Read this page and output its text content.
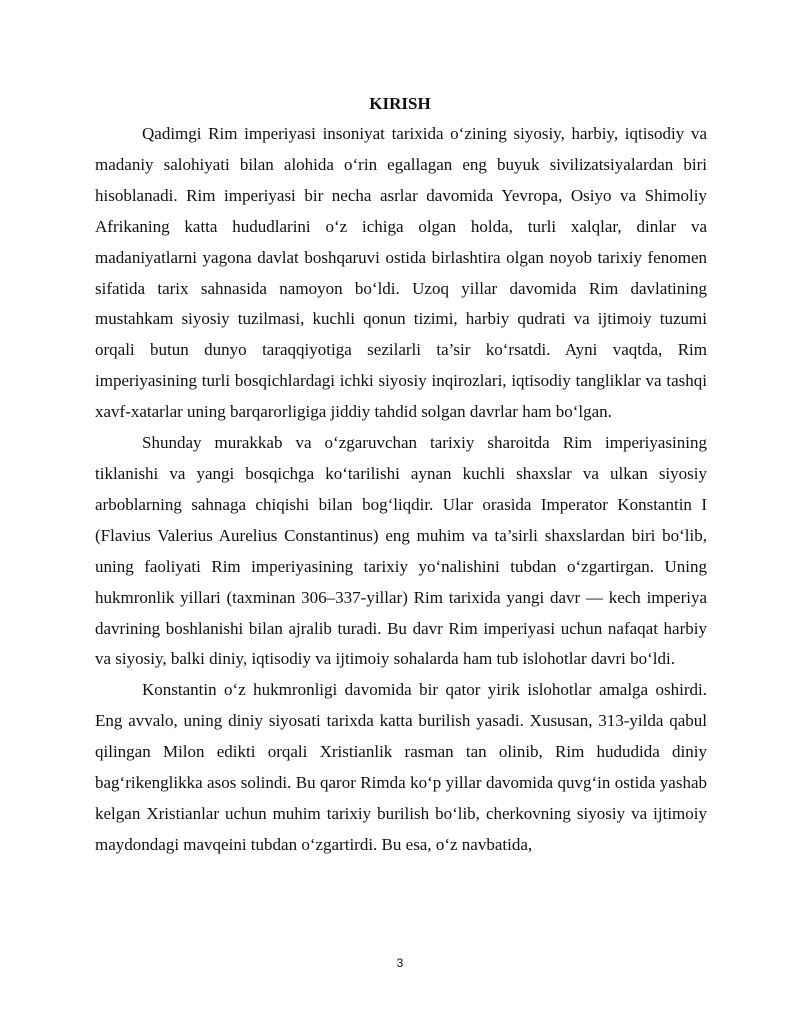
KIRISH

Qadimgi Rim imperiyasi insoniyat tarixida o‘zining siyosiy, harbiy, iqtisodiy va madaniy salohiyati bilan alohida o‘rin egallagan eng buyuk sivilizatsiyalardan biri hisoblanadi. Rim imperiyasi bir necha asrlar davomida Yevropa, Osiyo va Shimoliy Afrikaning katta hududlarini o‘z ichiga olgan holda, turli xalqlar, dinlar va madaniyatlarni yagona davlat boshqaruvi ostida birlashtira olgan noyob tarixiy fenomen sifatida tarix sahnasida namoyon bo‘ldi. Uzoq yillar davomida Rim davlatining mustahkam siyosiy tuzilmasi, kuchli qonun tizimi, harbiy qudrati va ijtimoiy tuzumi orqali butun dunyo taraqqiyotiga sezilarli ta’sir ko‘rsatdi. Ayni vaqtda, Rim imperiyasining turli bosqichlardagi ichki siyosiy inqirozlari, iqtisodiy tangliklar va tashqi xavf-xatarlar uning barqarorligiga jiddiy tahdid solgan davrlar ham bo‘lgan.

Shunday murakkab va o‘zgaruvchan tarixiy sharoitda Rim imperiyasining tiklanishi va yangi bosqichga ko‘tarilishi aynan kuchli shaxslar va ulkan siyosiy arboblarning sahnaga chiqishi bilan bog‘liqdir. Ular orasida Imperator Konstantin I (Flavius Valerius Aurelius Constantinus) eng muhim va ta’sirli shaxslardan biri bo‘lib, uning faoliyati Rim imperiyasining tarixiy yo‘nalishini tubdan o‘zgartirgan. Uning hukmronlik yillari (taxminan 306–337-yillar) Rim tarixida yangi davr — kech imperiya davrining boshlanishi bilan ajralib turadi. Bu davr Rim imperiyasi uchun nafaqat harbiy va siyosiy, balki diniy, iqtisodiy va ijtimoiy sohalarda ham tub islohotlar davri bo‘ldi.

Konstantin o‘z hukmronligi davomida bir qator yirik islohotlar amalga oshirdi. Eng avvalo, uning diniy siyosati tarixda katta burilish yasadi. Xususan, 313-yilda qabul qilingan Milon edikti orqali Xristianlik rasman tan olinib, Rim hududida diniy bag‘rikenglikka asos solindi. Bu qaror Rimda ko‘p yillar davomida quvg‘in ostida yashab kelgan Xristianlar uchun muhim tarixiy burilish bo‘lib, cherkovning siyosiy va ijtimoiy maydondagi mavqeini tubdan o‘zgartirdi. Bu esa, o‘z navbatida,

3
